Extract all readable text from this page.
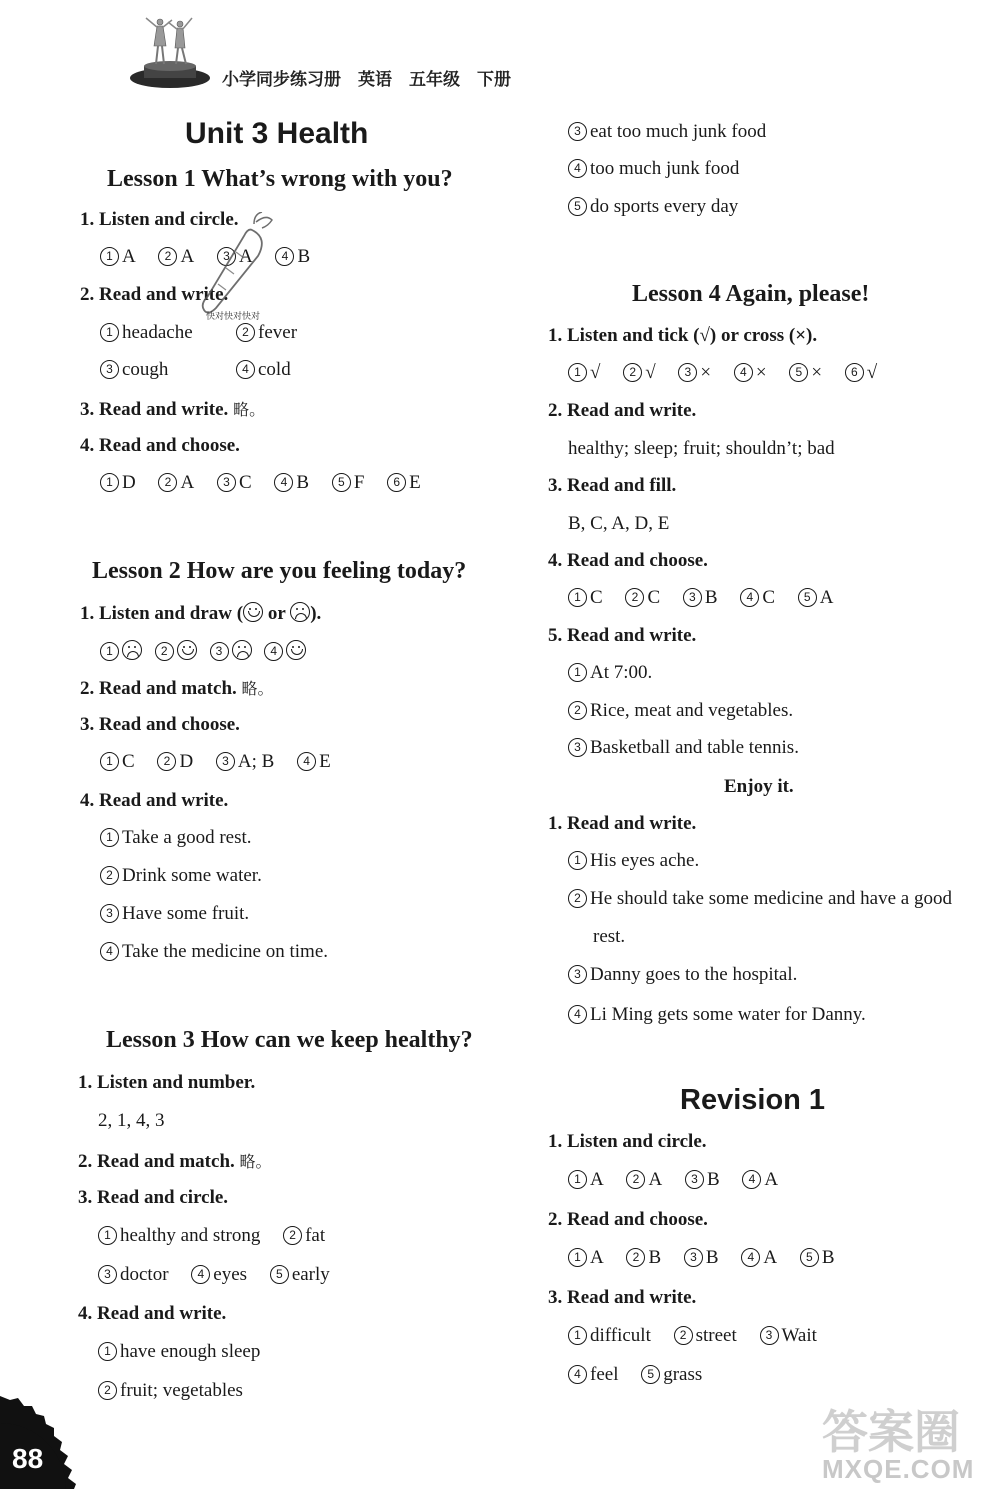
小学同步练习册　英语　五年级　下册
Unit 3 Health
Lesson 1 What’s wrong with you?
1. Listen and circle.
1 A 2 A 3 A 4 B
2. Read and write.
1 headache	2 fever
3 cough	4 cold
3. Read and write. 略。
4. Read and choose.
1 D 2 A 3 C 4 B 5 F 6 E
快对快对快对
Lesson 2 How are you feeling today?
1. Listen and draw (
or
).
1	2	3	4
2. Read and match. 略。
3. Read and choose.
1 C 2 D 3 A; B 4 E
4. Read and write.
1 Take a good rest.
2 Drink some water.
3 Have some fruit.
4 Take the medicine on time.
Lesson 3 How can we keep healthy?
1. Listen and number.
2, 1, 4, 3
2. Read and match. 略。
3. Read and circle.
1 healthy and strong 2 fat
3 doctor 4 eyes 5 early
4. Read and write.
1 have enough sleep
2 fruit; vegetables
3 eat too much junk food
4 too much junk food
5 do sports every day
Lesson 4 Again, please!
1. Listen and tick (√) or cross (×).
1 √ 2 √ 3 × 4 × 5 × 6 √
2. Read and write.
healthy; sleep; fruit; shouldn’t; bad
3. Read and fill.
B, C, A, D, E
4. Read and choose.
1 C 2 C 3 B 4 C 5 A
5. Read and write.
1 At 7:00.
2 Rice, meat and vegetables.
3 Basketball and table tennis.
Enjoy it.
1. Read and write.
1 His eyes ache.
2 He should take some medicine and have a good
rest.
3 Danny goes to the hospital.
4 Li Ming gets some water for Danny.
Revision 1
1. Listen and circle.
1 A 2 A 3 B 4 A
2. Read and choose.
1 A 2 B 3 B 4 A 5 B
3. Read and write.
1 difficult 2 street 3 Wait
4 feel 5 grass
88	答案圈
MXQE.COM
